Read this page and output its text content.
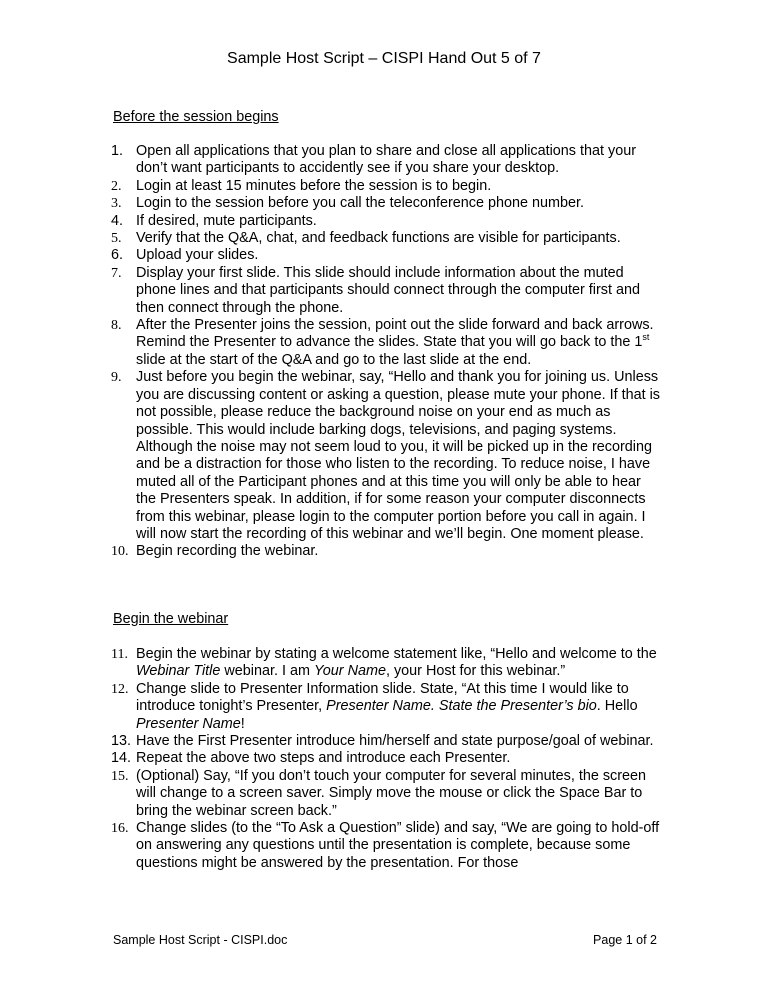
Sample Host Script – CISPI Hand Out 5 of 7
Before the session begins
1. Open all applications that you plan to share and close all applications that your don’t want participants to accidently see if you share your desktop.
2. Login at least 15 minutes before the session is to begin.
3. Login to the session before you call the teleconference phone number.
4. If desired, mute participants.
5. Verify that the Q&A, chat, and feedback functions are visible for participants.
6. Upload your slides.
7. Display your first slide. This slide should include information about the muted phone lines and that participants should connect through the computer first and then connect through the phone.
8. After the Presenter joins the session, point out the slide forward and back arrows. Remind the Presenter to advance the slides. State that you will go back to the 1st slide at the start of the Q&A and go to the last slide at the end.
9. Just before you begin the webinar, say, “Hello and thank you for joining us. Unless you are discussing content or asking a question, please mute your phone. If that is not possible, please reduce the background noise on your end as much as possible. This would include barking dogs, televisions, and paging systems. Although the noise may not seem loud to you, it will be picked up in the recording and be a distraction for those who listen to the recording. To reduce noise, I have muted all of the Participant phones and at this time you will only be able to hear the Presenters speak. In addition, if for some reason your computer disconnects from this webinar, please login to the computer portion before you call in again. I will now start the recording of this webinar and we’ll begin. One moment please.
10. Begin recording the webinar.
Begin the webinar
11. Begin the webinar by stating a welcome statement like, “Hello and welcome to the Webinar Title webinar. I am Your Name, your Host for this webinar.”
12. Change slide to Presenter Information slide. State, “At this time I would like to introduce tonight’s Presenter, Presenter Name. State the Presenter’s bio. Hello Presenter Name!
13. Have the First Presenter introduce him/herself and state purpose/goal of webinar.
14. Repeat the above two steps and introduce each Presenter.
15. (Optional) Say, “If you don’t touch your computer for several minutes, the screen will change to a screen saver. Simply move the mouse or click the Space Bar to bring the webinar screen back.”
16. Change slides (to the “To Ask a Question” slide) and say, “We are going to hold-off on answering any questions until the presentation is complete, because some questions might be answered by the presentation. For those
Sample Host Script - CISPI.doc	Page 1 of 2
